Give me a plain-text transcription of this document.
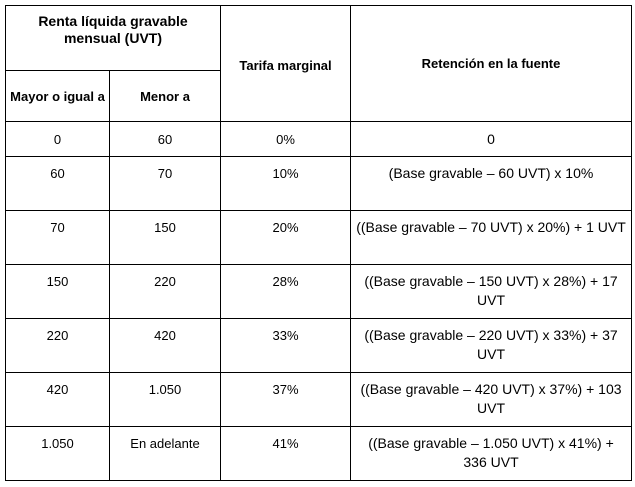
Renta líquida gravable mensual (UVT)		Tarifa marginal	Retención en la fuente
Mayor o igual a	Menor a		
0	60	0%	0
60	70	10%	(Base gravable – 60 UVT) x 10%
70	150	20%	((Base gravable – 70 UVT) x 20%) + 1 UVT
150	220	28%	((Base gravable – 150 UVT) x 28%) + 17 UVT
220	420	33%	((Base gravable – 220 UVT) x 33%) + 37 UVT
420	1.050	37%	((Base gravable – 420 UVT) x 37%) + 103 UVT
1.050	En adelante	41%	((Base gravable – 1.050 UVT) x 41%) + 336 UVT
